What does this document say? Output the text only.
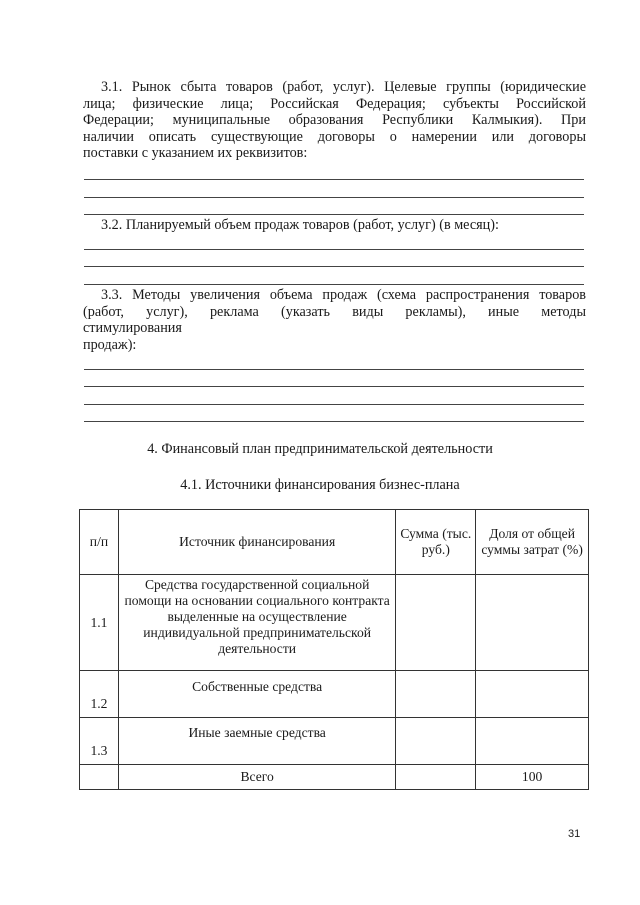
3.1. Рынок сбыта товаров (работ, услуг). Целевые группы (юридические
лица; физические лица; Российская Федерация; субъекты Российской
Федерации; муниципальные образования Республики Калмыкия). При
наличии описать существующие договоры о намерении или договоры
поставки с указанием их реквизитов:
3.2. Планируемый объем продаж товаров (работ, услуг) (в месяц):
3.3. Методы увеличения объема продаж (схема распространения товаров
(работ, услуг), реклама (указать виды рекламы), иные методы
стимулирования
продаж):
4. Финансовый план предпринимательской деятельности
4.1. Источники финансирования бизнес-плана
п/п	Источник финансирования	Сумма (тыс. руб.)	Доля от общей суммы затрат (%)
1.1	Средства государственной социальной помощи на основании социального контракта выделенные на осуществление индивидуальной предпринимательской деятельности		
1.2	Собственные средства		
1.3	Иные заемные средства		
	Всего		100
31
